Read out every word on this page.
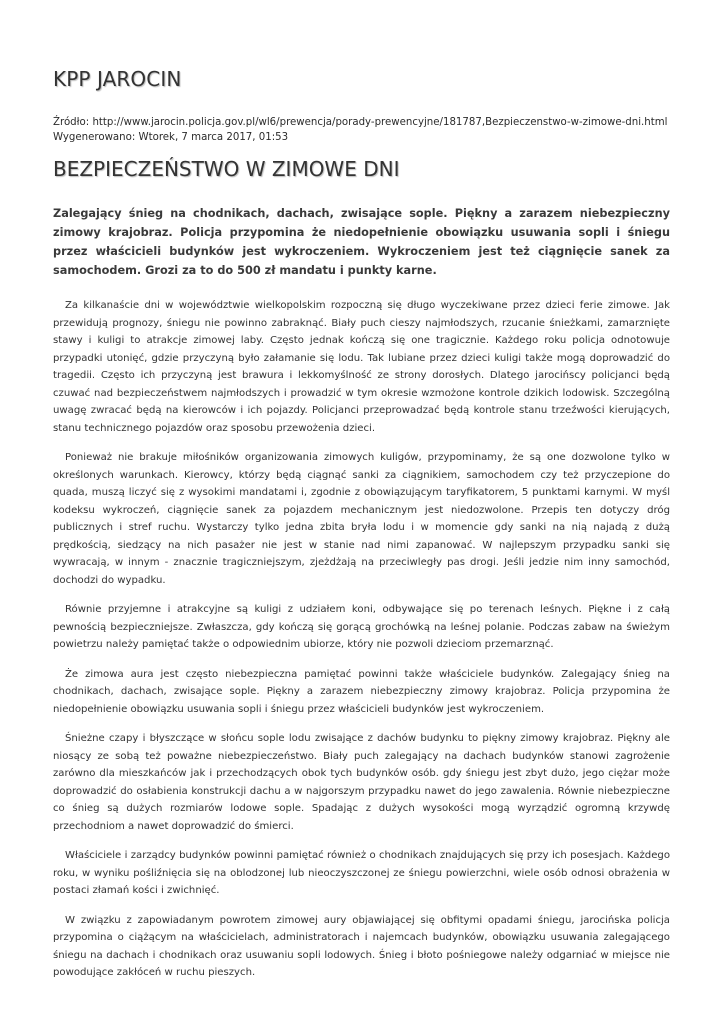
KPP JAROCIN
Źródło: http://www.jarocin.policja.gov.pl/wl6/prewencja/porady-prewencyjne/181787,Bezpieczenstwo-w-zimowe-dni.html
Wygenerowano: Wtorek, 7 marca 2017, 01:53
BEZPIECZEŃSTWO W ZIMOWE DNI
Zalegający śnieg na chodnikach, dachach, zwisające sople. Piękny a zarazem niebezpieczny zimowy krajobraz. Policja przypomina że niedopełnienie obowiązku usuwania sopli i śniegu przez właścicieli budynków jest wykroczeniem. Wykroczeniem jest też ciągnięcie sanek za samochodem. Grozi za to do 500 zł mandatu i punkty karne.

Za kilkanaście dni w województwie wielkopolskim rozpoczną się długo wyczekiwane przez dzieci ferie zimowe. Jak przewidują prognozy, śniegu nie powinno zabraknąć. Biały puch cieszy najmłodszych, rzucanie śnieżkami, zamarznięte stawy i kuligi to atrakcje zimowej laby. Często jednak kończą się one tragicznie. Każdego roku policja odnotowuje przypadki utonięć, gdzie przyczyną było załamanie się lodu. Tak lubiane przez dzieci kuligi także mogą doprowadzić do tragedii. Często ich przyczyną jest brawura i lekkomyślność ze strony dorosłych. Dlatego jarocińscy policjanci będą czuwać nad bezpieczeństwem najmłodszych i prowadzić w tym okresie wzmożone kontrole dzikich lodowisk. Szczególną uwagę zwracać będą na kierowców i ich pojazdy. Policjanci przeprowadzać będą kontrole stanu trzeźwości kierujących, stanu technicznego pojazdów oraz sposobu przewożenia dzieci.

Ponieważ nie brakuje miłośników organizowania zimowych kuligów, przypominamy, że są one dozwolone tylko w określonych warunkach. Kierowcy, którzy będą ciągnąć sanki za ciągnikiem, samochodem czy też przyczepione do quada, muszą liczyć się z wysokimi mandatami i, zgodnie z obowiązującym taryfikatorem, 5 punktami karnymi. W myśl kodeksu wykroczeń, ciągnięcie sanek za pojazdem mechanicznym jest niedozwolone. Przepis ten dotyczy dróg publicznych i stref ruchu. Wystarczy tylko jedna zbita bryła lodu i w momencie gdy sanki na nią najadą z dużą prędkością, siedzący na nich pasażer nie jest w stanie nad nimi zapanować. W najlepszym przypadku sanki się wywracają, w innym - znacznie tragiczniejszym, zjeżdżają na przeciwległy pas drogi. Jeśli jedzie nim inny samochód, dochodzi do wypadku.

Równie przyjemne i atrakcyjne są kuligi z udziałem koni, odbywające się po terenach leśnych. Piękne i z całą pewnością bezpieczniejsze. Zwłaszcza, gdy kończą się gorącą grochówką na leśnej polanie. Podczas zabaw na świeżym powietrzu należy pamiętać także o odpowiednim ubiorze, który nie pozwoli dzieciom przemarznąć.

Że zimowa aura jest często niebezpieczna pamiętać powinni także właściciele budynków. Zalegający śnieg na chodnikach, dachach, zwisające sople. Piękny a zarazem niebezpieczny zimowy krajobraz. Policja przypomina że niedopełnienie obowiązku usuwania sopli i śniegu przez właścicieli budynków jest wykroczeniem.

Śnieżne czapy i błyszczące w słońcu sople lodu zwisające z dachów budynku to piękny zimowy krajobraz. Piękny ale niosący ze sobą też poważne niebezpieczeństwo. Biały puch zalegający na dachach budynków stanowi zagrożenie zarówno dla mieszkańców jak i przechodzących obok tych budynków osób. gdy śniegu jest zbyt dużo, jego ciężar może doprowadzić do osłabienia konstrukcji dachu a w najgorszym przypadku nawet do jego zawalenia. Równie niebezpieczne co śnieg są dużych rozmiarów lodowe sople. Spadając z dużych wysokości mogą wyrządzić ogromną krzywdę przechodniom a nawet doprowadzić do śmierci.

Właściciele i zarządcy budynków powinni pamiętać również o chodnikach znajdujących się przy ich posesjach. Każdego roku, w wyniku pośliźnięcia się na oblodzonej lub nieoczyszczonej ze śniegu powierzchni, wiele osób odnosi obrażenia w postaci złamań kości i zwichnięć.

W związku z zapowiadanym powrotem zimowej aury objawiającej się obfitymi opadami śniegu, jarocińska policja przypomina o ciążącym na właścicielach, administratorach i najemcach budynków, obowiązku usuwania zalegającego śniegu na dachach i chodnikach oraz usuwaniu sopli lodowych. Śnieg i błoto pośniegowe należy odgarniać w miejsce nie powodujące zakłóceń w ruchu pieszych.
